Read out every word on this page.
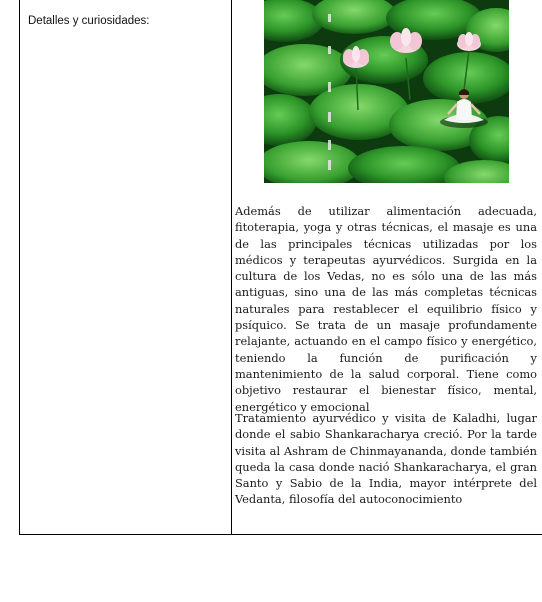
Detalles y curiosidades:

Además de utilizar alimentación adecuada, fitoterapia, yoga y otras técnicas, el masaje es una de las principales técnicas utilizadas por los médicos y terapeutas ayurvédicos. Surgida en la cultura de los Vedas, no es sólo una de las más antiguas, sino una de las más completas técnicas naturales para restablecer el equilibrio físico y psíquico. Se trata de un masaje profundamente relajante, actuando en el campo físico y energético, teniendo la función de purificación y mantenimiento de la salud corporal. Tiene como objetivo restaurar el bienestar físico, mental, energético y emocional

Tratamiento ayurvédico y visita de Kaladhi, lugar donde el sabio Shankaracharya creció. Por la tarde visita al Ashram de Chinmayananda, donde también queda la casa donde nació Shankaracharya, el gran Santo y Sabio de la India, mayor intérprete del Vedanta, filosofía del autoconocimiento
